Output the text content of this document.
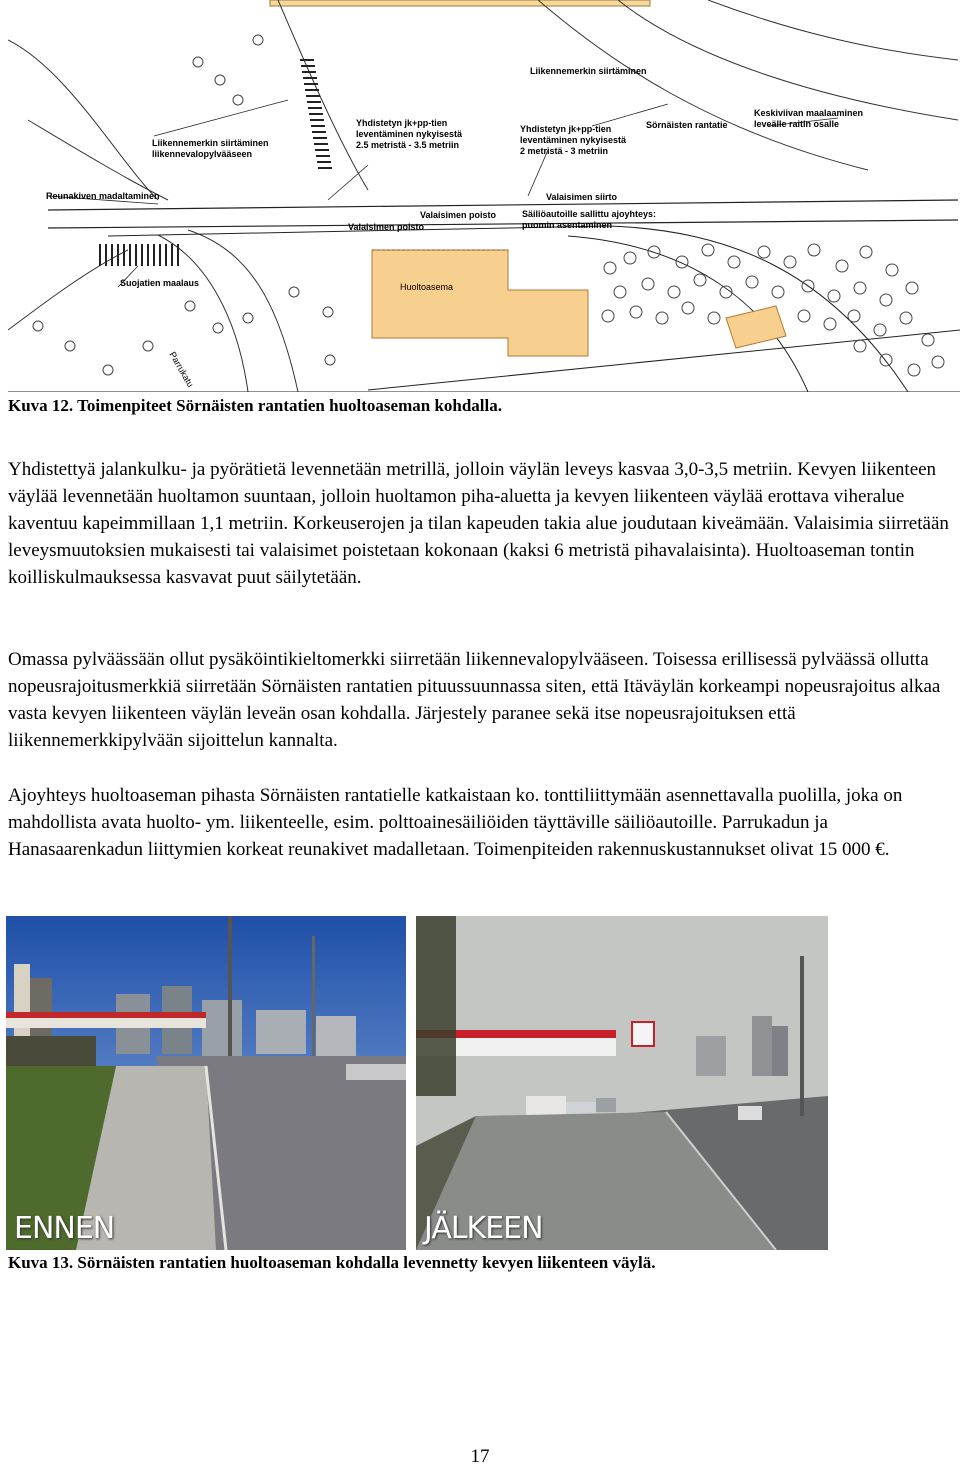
Liikennemerkin siirtäminen
Liikennemerkin siirtäminen
liikennevalopylvääseen
Reunakiven madaltaminen
Suojatien maalaus
Parrukatu
Yhdistetyn jk+pp-tien
leventäminen nykyisestä
2.5 metristä - 3.5 metriin
Yhdistetyn jk+pp-tien
leventäminen nykyisestä
2 metristä - 3 metriin
Valaisimen poisto
Valaisimen poisto
Valaisimen siirto
Säiliöautoille sallittu ajoyhteys:
puomin asentaminen
Sörnäisten rantatie
Keskiviivan maalaaminen
leveälle raitin osalle
Huoltoasema
Kuva 12. Toimenpiteet Sörnäisten rantatien huoltoaseman kohdalla.

Yhdistettyä jalankulku- ja pyörätietä levennetään metrillä, jolloin väylän leveys kasvaa 3,0-3,5 metriin. Kevyen liikenteen väylää levennetään huoltamon suuntaan, jolloin huoltamon piha-aluetta ja kevyen liikenteen väylää erottava viheralue kaventuu kapeimmillaan 1,1 metriin. Korkeuserojen ja tilan kapeuden takia alue joudutaan kiveämään. Valaisimia siirretään leveysmuutoksien mukaisesti tai valaisimet poistetaan kokonaan (kaksi 6 metristä pihavalaisinta). Huoltoaseman tontin koilliskulmauksessa kasvavat puut säilytetään.

Omassa pylväässään ollut pysäköintikieltomerkki siirretään liikennevalopylvääseen. Toisessa erillisessä pylväässä ollutta nopeusrajoitusmerkkiä siirretään Sörnäisten rantatien pituussuunnassa siten, että Itäväylän korkeampi nopeusrajoitus alkaa vasta kevyen liikenteen väylän leveän osan kohdalla. Järjestely paranee sekä itse nopeusrajoituksen että liikennemerkkipylvään sijoittelun kannalta.

Ajoyhteys huoltoaseman pihasta Sörnäisten rantatielle katkaistaan ko. tonttiliittymään asennettavalla puolilla, joka on mahdollista avata huolto- ym. liikenteelle, esim. polttoainesäiliöiden täyttäville säiliöautoille. Parrukadun ja Hanasaarenkadun liittymien korkeat reunakivet madalletaan. Toimenpiteiden rakennuskustannukset olivat 15 000 €.

ENNEN	JÄLKEEN
Kuva 13. Sörnäisten rantatien huoltoaseman kohdalla levennetty kevyen liikenteen väylä.
17
